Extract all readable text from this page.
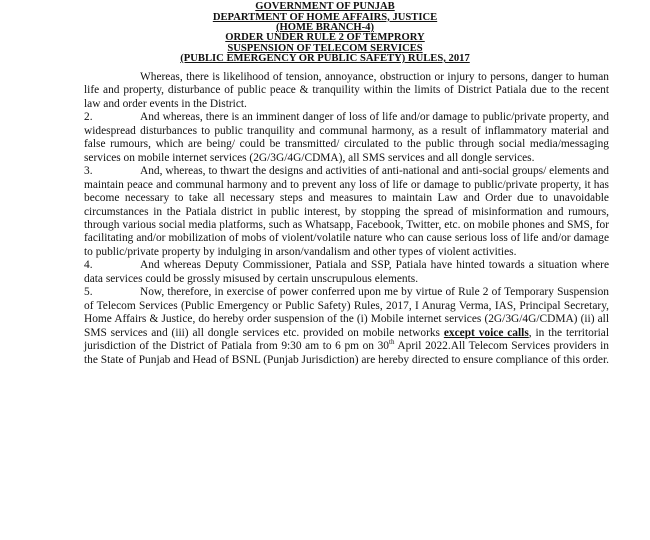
GOVERNMENT OF PUNJAB

DEPARTMENT OF HOME AFFAIRS, JUSTICE

(HOME BRANCH-4)

ORDER UNDER RULE 2 OF TEMPRORY

SUSPENSION OF TELECOM SERVICES

(PUBLIC EMERGENCY OR PUBLIC SAFETY) RULES, 2017

Whereas, there is likelihood of tension, annoyance, obstruction or injury to persons, danger to human life and property, disturbance of public peace & tranquility within the limits of District Patiala due to the recent law and order events in the District.

2.	And whereas, there is an imminent danger of loss of life and/or damage to public/private property, and widespread disturbances to public tranquility and communal harmony, as a result of inflammatory material and false rumours, which are being/ could be transmitted/ circulated to the public through social media/messaging services on mobile internet services (2G/3G/4G/CDMA), all SMS services and all dongle services.

3.	And, whereas, to thwart the designs and activities of anti-national and anti-social groups/ elements and maintain peace and communal harmony and to prevent any loss of life or damage to public/private property, it has become necessary to take all necessary steps and measures to maintain Law and Order due to unavoidable circumstances in the Patiala district in public interest, by stopping the spread of misinformation and rumours, through various social media platforms, such as Whatsapp, Facebook, Twitter, etc. on mobile phones and SMS, for facilitating and/or mobilization of mobs of violent/volatile nature who can cause serious loss of life and/or damage to public/private property by indulging in arson/vandalism and other types of violent activities.

4.	And whereas Deputy Commissioner, Patiala and SSP, Patiala have hinted towards a situation where data services could be grossly misused by certain unscrupulous elements.

5.	Now, therefore, in exercise of power conferred upon me by virtue of Rule 2 of Temporary Suspension of Telecom Services (Public Emergency or Public Safety) Rules, 2017, I Anurag Verma, IAS, Principal Secretary, Home Affairs & Justice, do hereby order suspension of the (i) Mobile internet services (2G/3G/4G/CDMA) (ii) all SMS services and (iii) all dongle services etc. provided on mobile networks except voice calls, in the territorial jurisdiction of the District of Patiala from 9:30 am to 6 pm on 30th April 2022.All Telecom Services providers in the State of Punjab and Head of BSNL (Punjab Jurisdiction) are hereby directed to ensure compliance of this order.
